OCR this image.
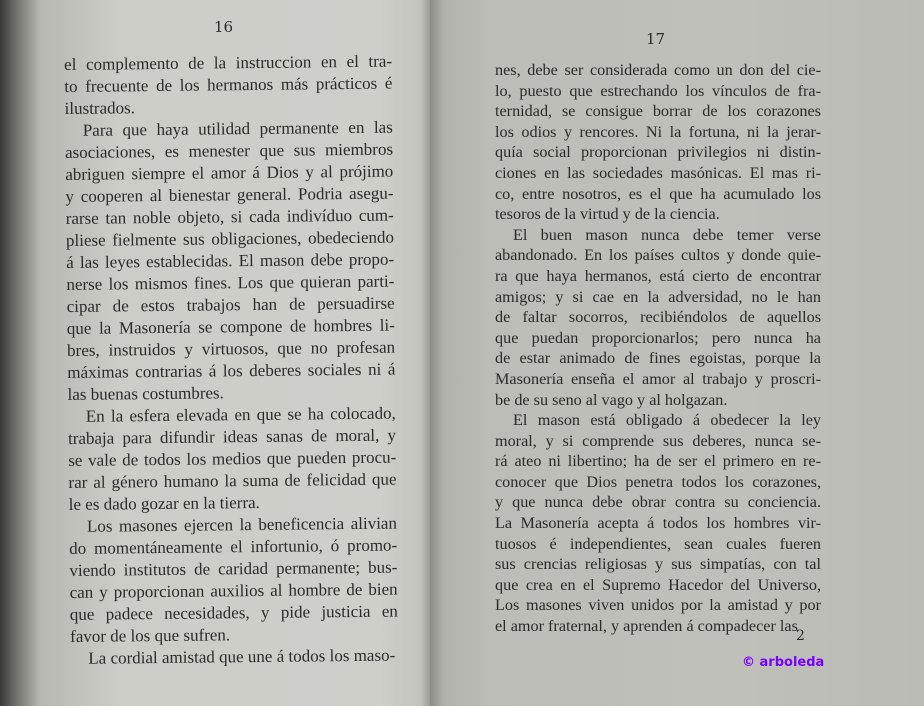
16
el complemento de la instruccion en el tra-
to frecuente de los hermanos más prácticos é
ilustrados.
Para que haya utilidad permanente en las
asociaciones, es menester que sus miembros
abriguen siempre el amor á Dios y al prójimo
y cooperen al bienestar general. Podria asegu-
rarse tan noble objeto, si cada indivíduo cum-
pliese fielmente sus obligaciones, obedeciendo
á las leyes establecidas. El mason debe propo-
nerse los mismos fines. Los que quieran parti-
cipar de estos trabajos han de persuadirse
que la Masonería se compone de hombres li-
bres, instruidos y virtuosos, que no profesan
máximas contrarias á los deberes sociales ni á
las buenas costumbres.
En la esfera elevada en que se ha colocado,
trabaja para difundir ideas sanas de moral, y
se vale de todos los medios que pueden procu-
rar al género humano la suma de felicidad que
le es dado gozar en la tierra.
Los masones ejercen la beneficencia alivian
do momentáneamente el infortunio, ó promo-
viendo institutos de caridad permanente; bus-
can y proporcionan auxilios al hombre de bien
que padece necesidades, y pide justicia en
favor de los que sufren.
La cordial amistad que une á todos los maso-
17
nes, debe ser considerada como un don del cie-
lo, puesto que estrechando los vínculos de fra-
ternidad, se consigue borrar de los corazones
los odios y rencores. Ni la fortuna, ni la jerar-
quía social proporcionan privilegios ni distin-
ciones en las sociedades masónicas. El mas ri-
co, entre nosotros, es el que ha acumulado los
tesoros de la virtud y de la ciencia.
El buen mason nunca debe temer verse
abandonado. En los países cultos y donde quie-
ra que haya hermanos, está cierto de encontrar
amigos; y si cae en la adversidad, no le han
de faltar socorros, recibiéndolos de aquellos
que puedan proporcionarlos; pero nunca ha
de estar animado de fines egoistas, porque la
Masonería enseña el amor al trabajo y proscri-
be de su seno al vago y al holgazan.
El mason está obligado á obedecer la ley
moral, y si comprende sus deberes, nunca se-
rá ateo ni libertino; ha de ser el primero en re-
conocer que Dios penetra todos los corazones,
y que nunca debe obrar contra su conciencia.
La Masonería acepta á todos los hombres vir-
tuosos é independientes, sean cuales fueren
sus crencias religiosas y sus simpatías, con tal
que crea en el Supremo Hacedor del Universo,
Los masones viven unidos por la amistad y por
el amor fraternal, y aprenden á compadecer las
2
© arboleda
